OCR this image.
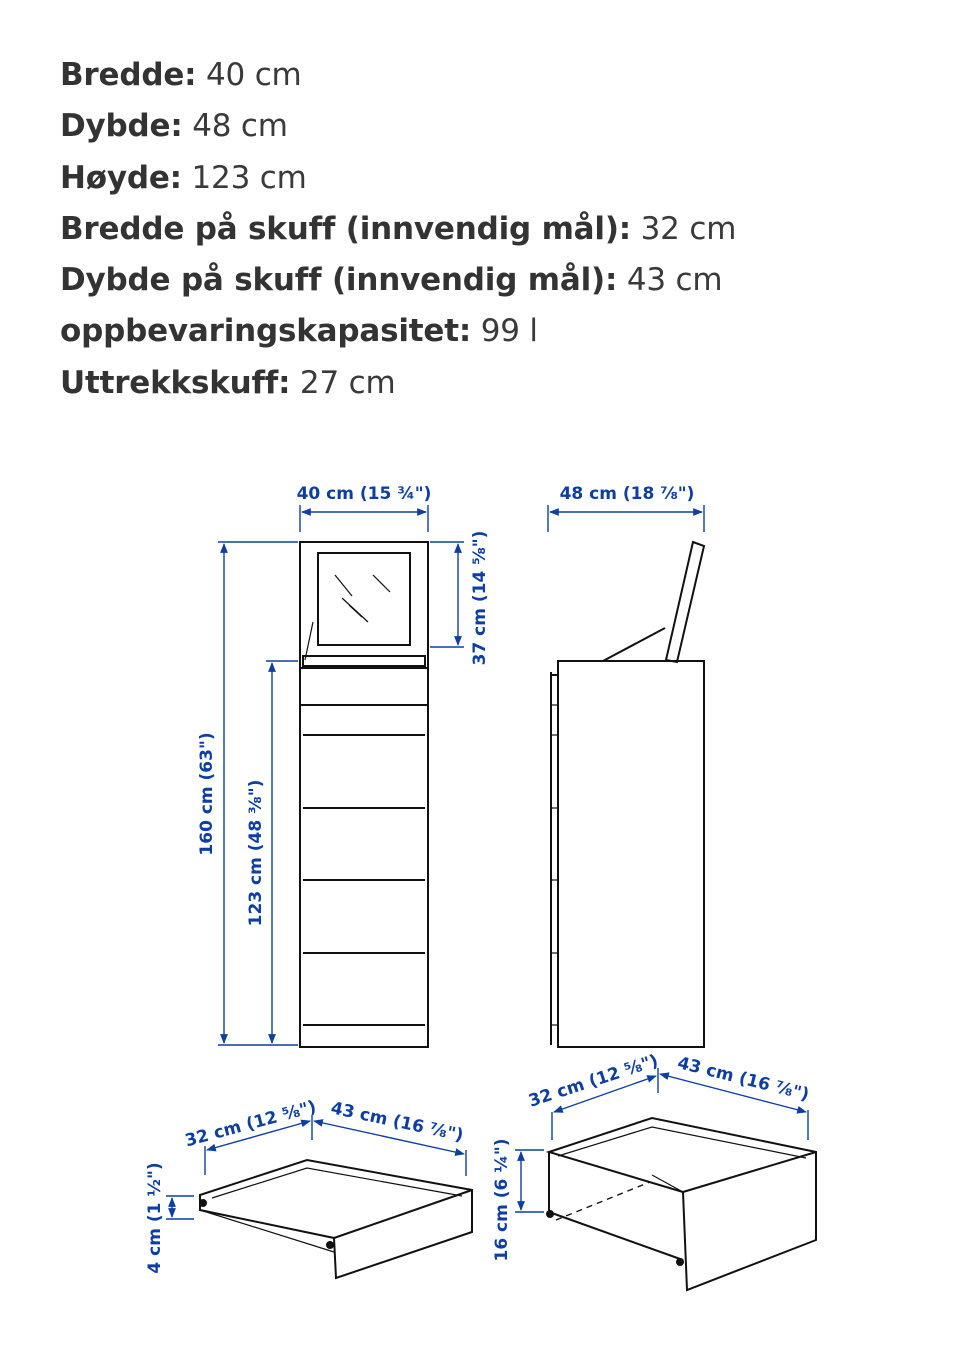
Bredde: 40 cm
Dybde: 48 cm
Høyde: 123 cm
Bredde på skuff (innvendig mål): 32 cm
Dybde på skuff (innvendig mål): 43 cm
oppbevaringskapasitet: 99 l
Uttrekkskuff: 27 cm
40 cm (15 ¾")
160 cm (63") 123 cm (48 ⅜")
37 cm (14 ⅝")
48 cm (18 ⅞")
32 cm (12 ⅝") 43 cm (16 ⅞")
4 cm (1 ½")
32 cm (12 ⅝") 43 cm (16 ⅞")
16 cm (6 ¼")
